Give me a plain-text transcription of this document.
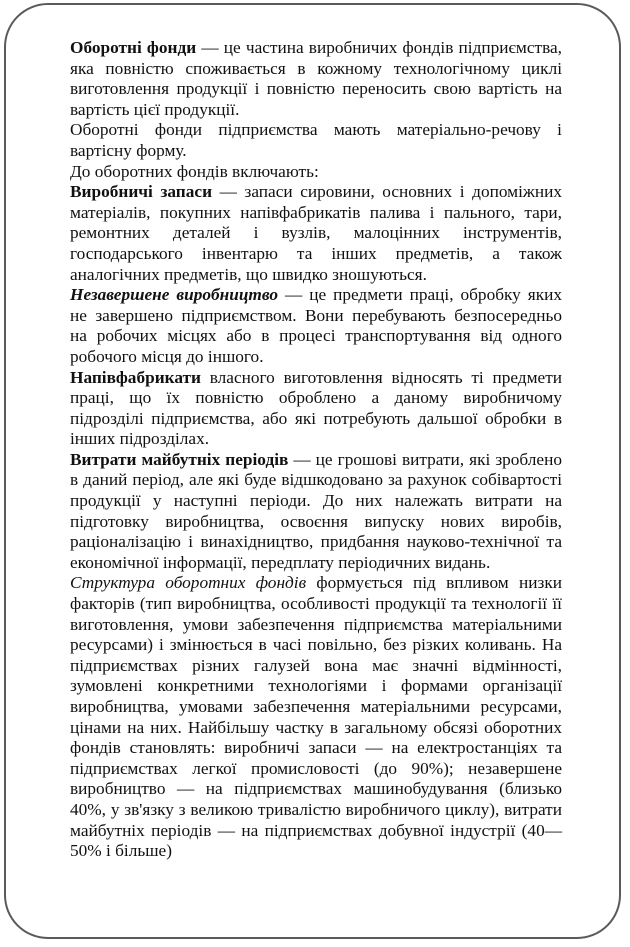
Оборотні фонди — це частина виробничих фондів підприємства, яка повністю споживається в кожному технологічному циклі виготовлення продукції і повністю переносить свою вартість на вартість цієї продукції.

Оборотні фонди підприємства мають матеріально-речову і вартісну форму.

До оборотних фондів включають:

Виробничі запаси — запаси сировини, основних і допоміжних матеріалів, покупних напівфабрикатів палива і пального, тари, ремонтних деталей і вузлів, малоцінних інструментів, господарського інвентарю та інших предметів, а також аналогічних предметів, що швидко зношуються.

Незавершене виробництво — це предмети праці, обробку яких не завершено підприємством. Вони перебувають безпосередньо на робочих місцях або в процесі транспортування від одного робочого місця до іншого.

Напівфабрикати власного виготовлення відносять ті предмети праці, що їх повністю оброблено а даному виробничому підрозділі підприємства, або які потребують дальшої обробки в інших підрозділах.

Витрати майбутніх періодів — це грошові витрати, які зроблено в даний період, але які буде відшкодовано за рахунок собівартості продукції у наступні періоди. До них належать витрати на підготовку виробництва, освоєння випуску нових виробів, раціоналізацію і винахідництво, придбання науково-технічної та економічної інформації, передплату періодичних видань.

Структура оборотних фондів формується під впливом низки факторів (тип виробництва, особливості продукції та технології її виготовлення, умови забезпечення підприємства матеріальними ресурсами) і змінюється в часі повільно, без різких коливань. На підприємствах різних галузей вона має значні відмінності, зумовлені конкретними технологіями і формами організації виробництва, умовами забезпечення матеріальними ресурсами, цінами на них. Найбільшу частку в загальному обсязі оборотних фондів становлять: виробничі запаси — на електростанціях та підприємствах легкої промисловості (до 90%); незавершене виробництво — на підприємствах машинобудування (близько 40%, у зв'язку з великою тривалістю виробничого циклу), витрати майбутніх періодів — на підприємствах добувної індустрії (40—50% і більше)
